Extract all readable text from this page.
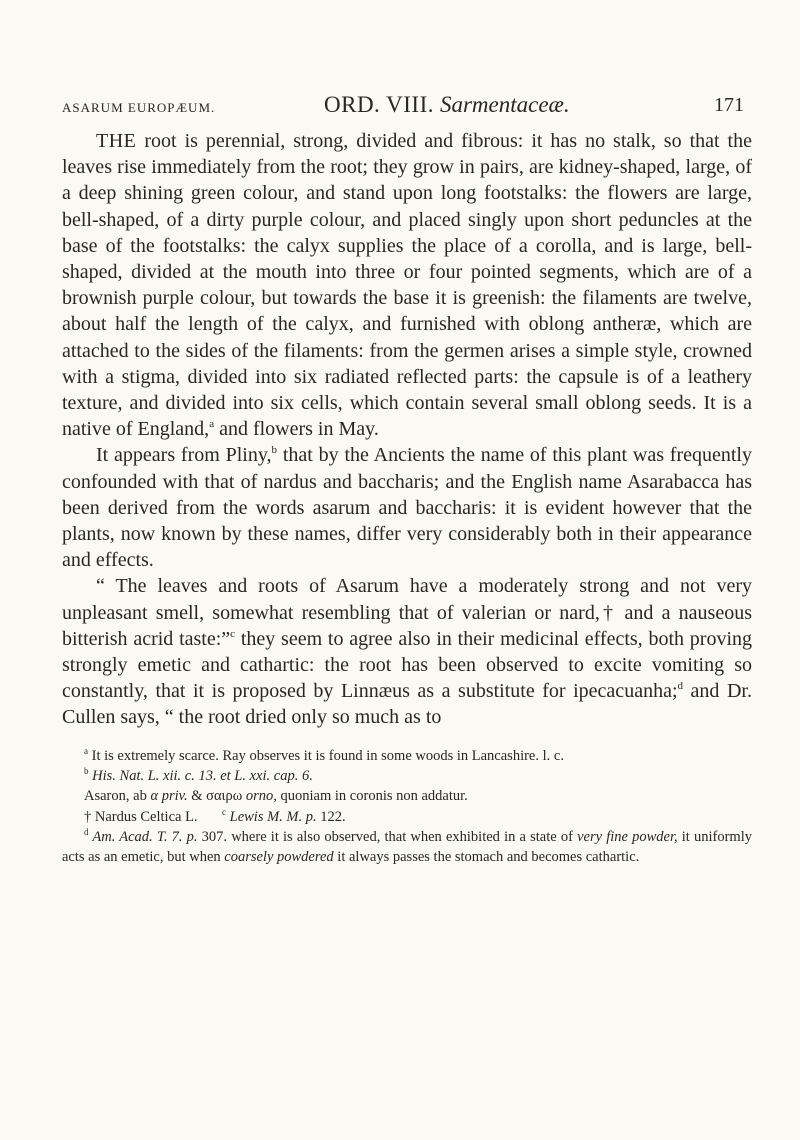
ASARUM EUROPÆUM.	ORD. VIII. Sarmentaceæ.	171

THE root is perennial, strong, divided and fibrous: it has no stalk, so that the leaves rise immediately from the root; they grow in pairs, are kidney-shaped, large, of a deep shining green colour, and stand upon long footstalks: the flowers are large, bell-shaped, of a dirty purple colour, and placed singly upon short peduncles at the base of the footstalks: the calyx supplies the place of a corolla, and is large, bell-shaped, divided at the mouth into three or four pointed segments, which are of a brownish purple colour, but towards the base it is greenish: the filaments are twelve, about half the length of the calyx, and furnished with oblong antheræ, which are attached to the sides of the filaments: from the germen arises a simple style, crowned with a stigma, divided into six radiated reflected parts: the capsule is of a leathery texture, and divided into six cells, which contain several small oblong seeds. It is a native of England,$^a$ and flowers in May.

It appears from Pliny,$^b$ that by the Ancients the name of this plant was frequently confounded with that of nardus and baccharis; and the English name Asarabacca has been derived from the words asarum and baccharis: it is evident however that the plants, now known by these names, differ very considerably both in their appearance and effects.

“ The leaves and roots of Asarum have a moderately strong and not very unpleasant smell, somewhat resembling that of valerian or nard,† and a nauseous bitterish acrid taste:”$^c$ they seem to agree also in their medicinal effects, both proving strongly emetic and cathartic: the root has been observed to excite vomiting so constantly, that it is proposed by Linnæus as a substitute for ipecacuanha;$^d$ and Dr. Cullen says, “ the root dried only so much as to

$^a$ It is extremely scarce. Ray observes it is found in some woods in Lancashire. l. c.

$^b$ His. Nat. L. xii. c. 13. et L. xxi. cap. 6.

Asaron, ab α priv. & σαιρω orno, quoniam in coronis non addatur.

† Nardus Celtica L.	$^c$ Lewis M. M. p. 122.

$^d$ Am. Acad. T. 7. p. 307. where it is also observed, that when exhibited in a state of very fine powder, it uniformly acts as an emetic, but when coarsely powdered it always passes the stomach and becomes cathartic.
